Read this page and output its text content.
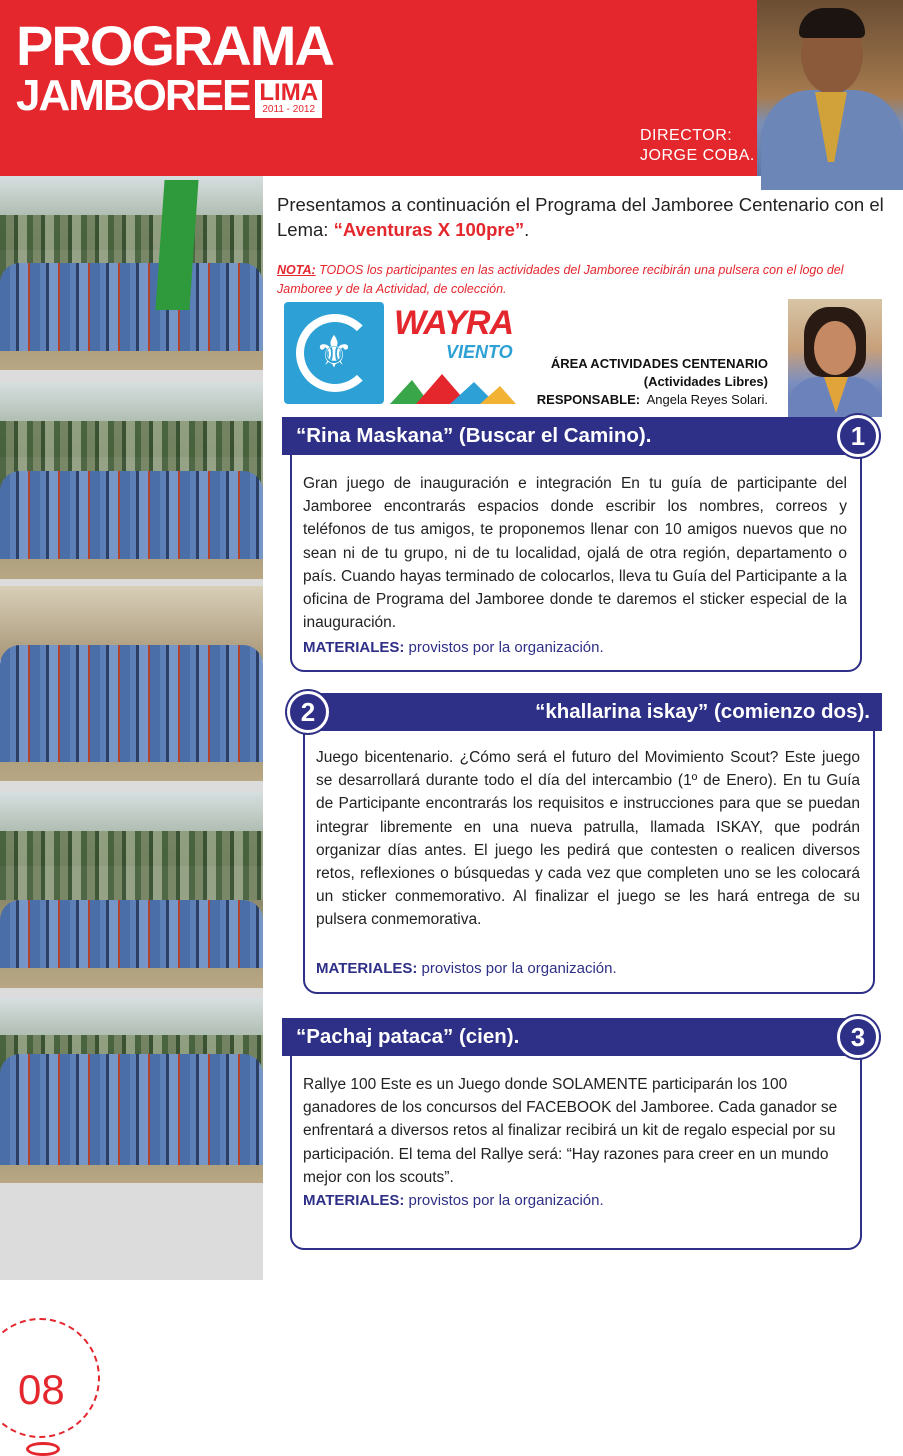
PROGRAMA
JAMBOREE LIMA
2011 - 2012
DIRECTOR:
JORGE COBA.
08
Presentamos a continuación el Programa del Jamboree Centenario con el Lema: “Aventuras X 100pre”.
NOTA: TODOS los participantes en las actividades del Jamboree recibirán una pulsera con el logo del Jamboree y de la Actividad, de colección.
⚜
WAYRA
VIENTO
ÁREA ACTIVIDADES CENTENARIO
(Actividades Libres)
RESPONSABLE: Angela Reyes Solari.
“Rina Maskana” (Buscar el Camino).	1
Gran juego de inauguración e integración En tu guía de participante del Jamboree encontrarás espacios donde escribir los nombres, correos y teléfonos de tus amigos, te proponemos llenar con 10 amigos nuevos que no sean ni de tu grupo, ni de tu localidad, ojalá de otra región, departamento o país. Cuando hayas terminado de colocarlos, lleva tu Guía del Participante a la oficina de Programa del Jamboree donde te daremos el sticker especial de la inauguración.
MATERIALES: provistos por la organización.
“khallarina iskay” (comienzo dos).
2
Juego bicentenario. ¿Cómo será el futuro del Movimiento Scout? Este juego se desarrollará durante todo el día del intercambio (1º de Enero). En tu Guía de Participante encontrarás los requisitos e instrucciones para que se puedan integrar libremente en una nueva patrulla, llamada ISKAY, que podrán organizar días antes. El juego les pedirá que contesten o realicen diversos retos, reflexiones o búsquedas y cada vez que completen uno se les colocará un sticker conmemorativo. Al finalizar el juego se les hará entrega de su pulsera conmemorativa.
MATERIALES: provistos por la organización.
“Pachaj pataca” (cien).	3
Rallye 100 Este es un Juego donde SOLAMENTE participarán los 100 ganadores de los concursos del FACEBOOK del Jamboree. Cada ganador se enfrentará a diversos retos al finalizar recibirá un kit de regalo especial por su participación. El tema del Rallye será: “Hay razones para creer en un mundo mejor con los scouts”.
MATERIALES: provistos por la organización.
